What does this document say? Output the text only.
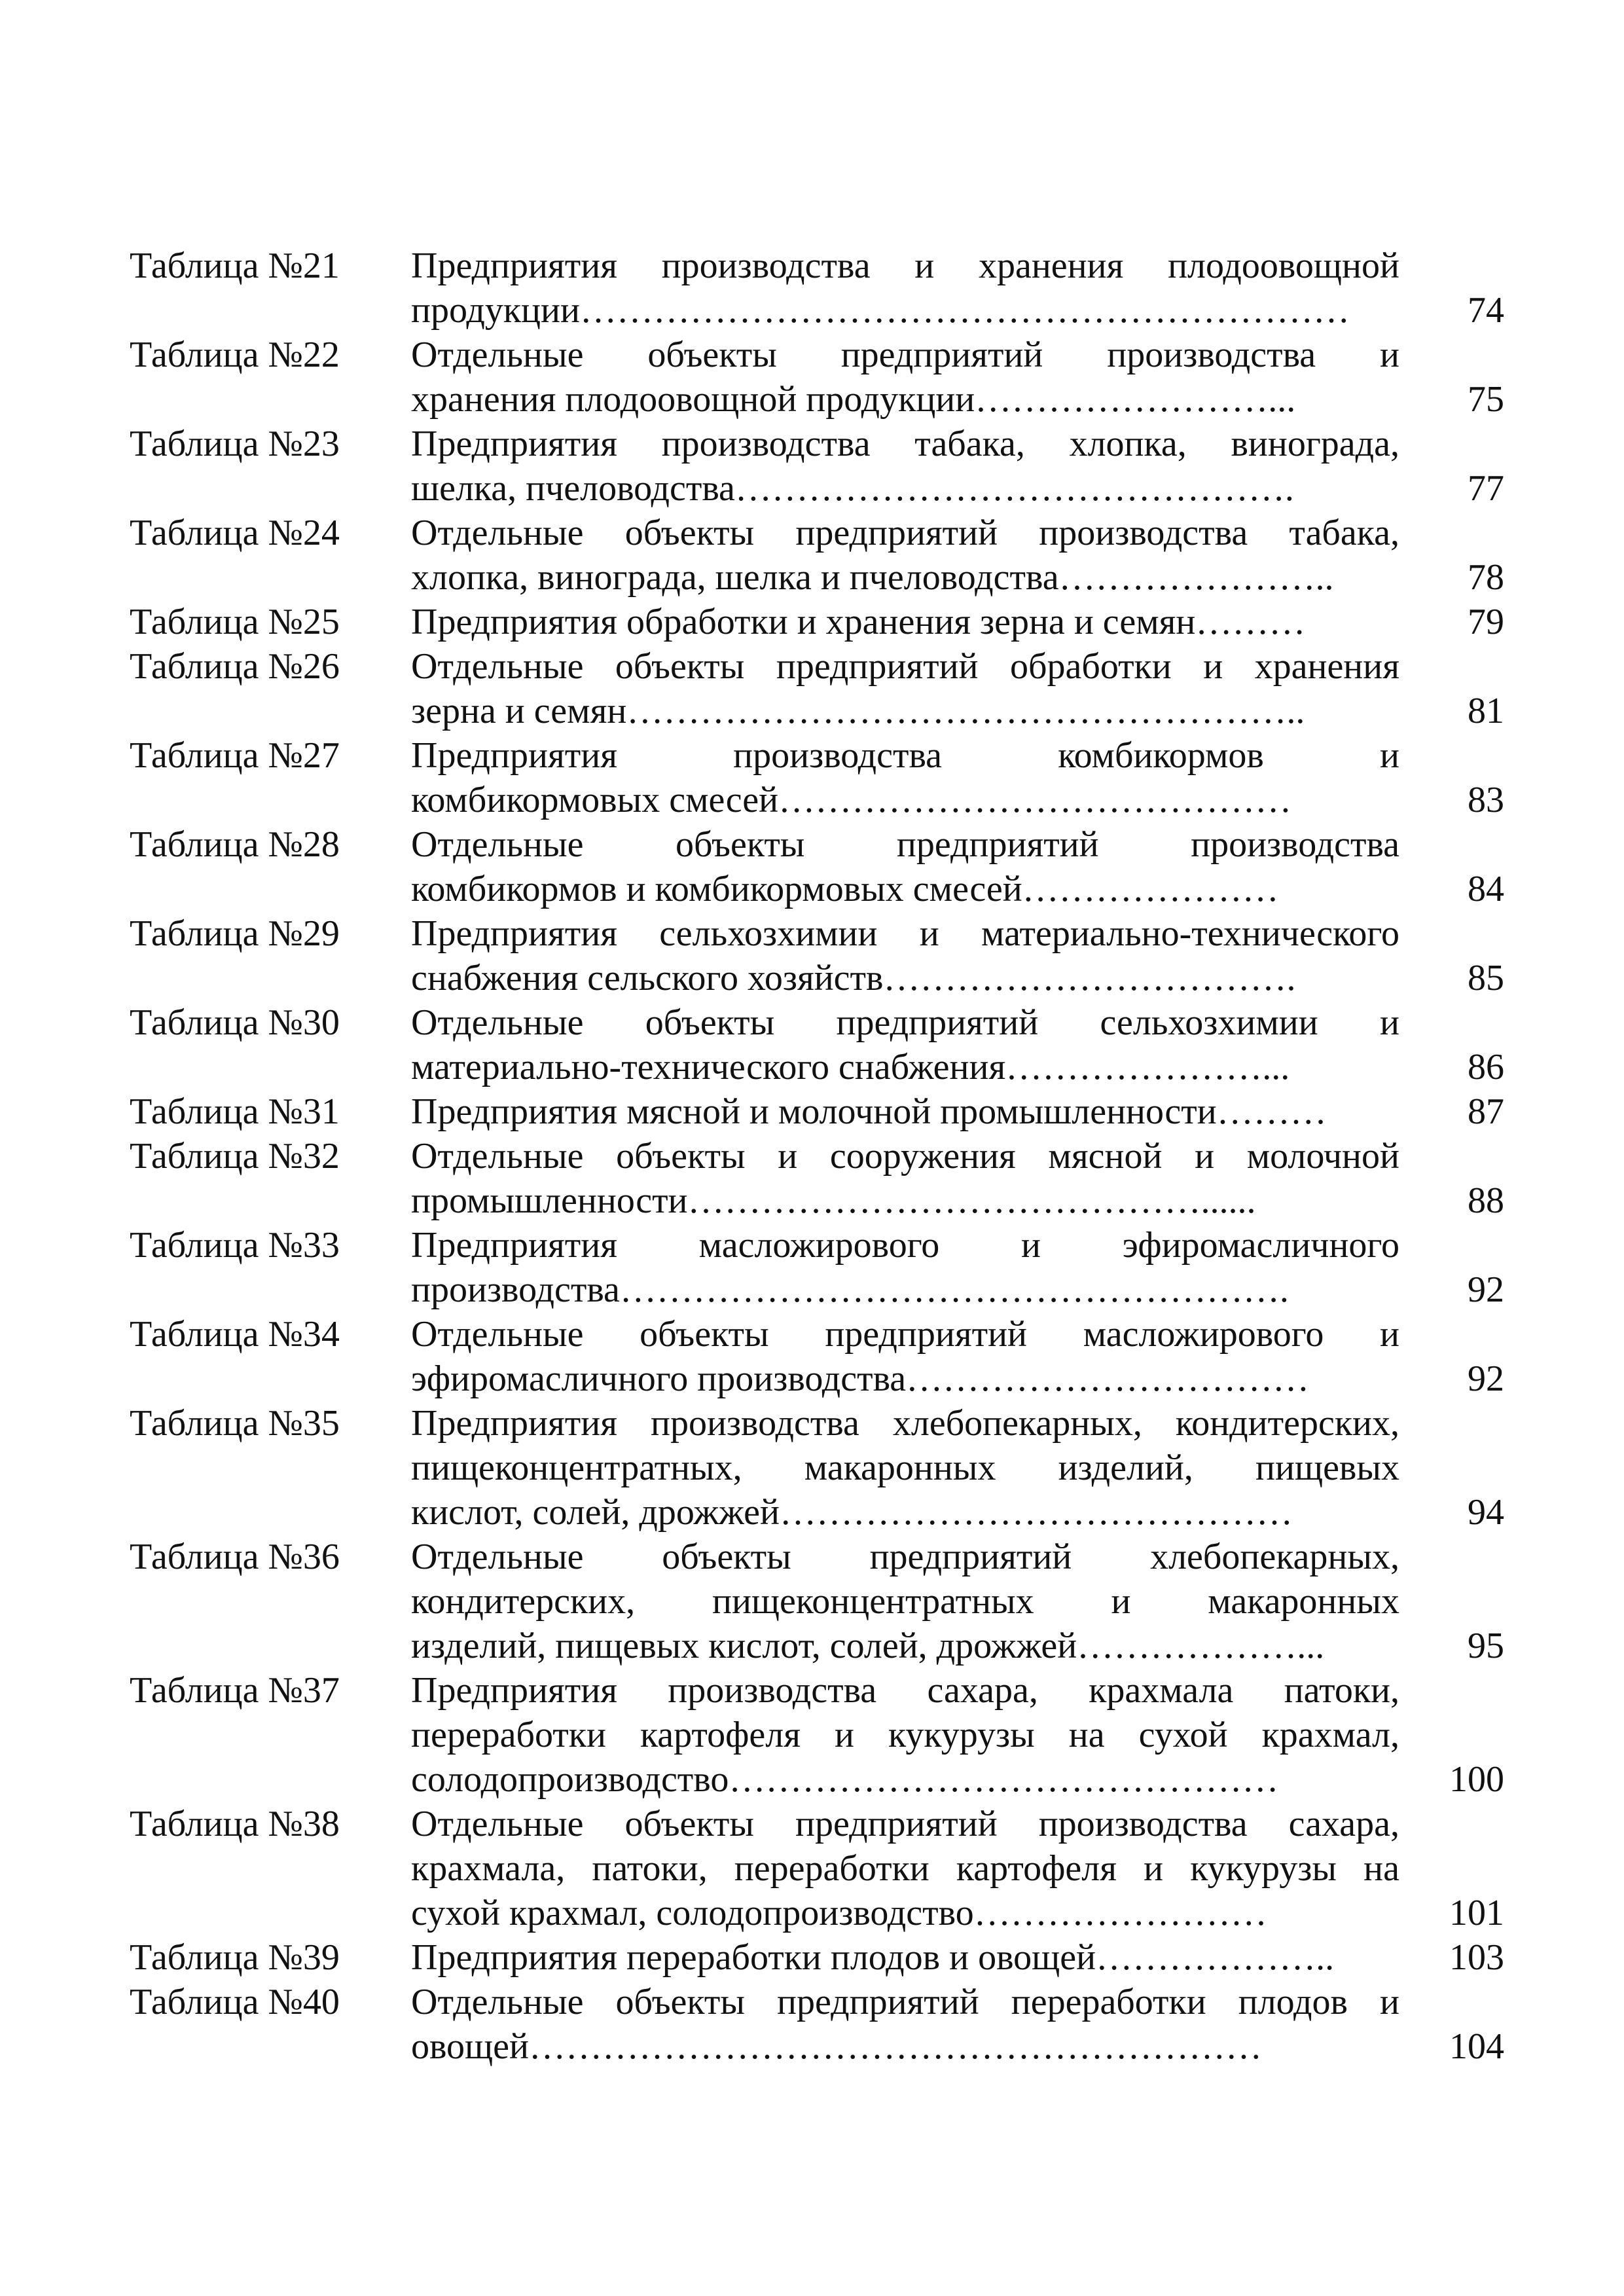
Таблица №21	Предприятия производства и хранения плодоовощной
продукции………………………………………………………	74
Таблица №22	Отдельные объекты предприятий производства и
хранения плодоовощной продукции……………………...	75
Таблица №23	Предприятия производства табака, хлопка, винограда,
шелка, пчеловодства……………………………………….	77
Таблица №24	Отдельные объекты предприятий производства табака,
хлопка, винограда, шелка и пчеловодства…………………..	78
Таблица №25	Предприятия обработки и хранения зерна и семян………	79
Таблица №26	Отдельные объекты предприятий обработки и хранения
зерна и семян………………………………………………..	81
Таблица №27	Предприятия производства комбикормов и
комбикормовых смесей……………………………………	83
Таблица №28	Отдельные объекты предприятий производства
комбикормов и комбикормовых смесей…………………	84
Таблица №29	Предприятия сельхозхимии и материально-технического
снабжения сельского хозяйств…………………………….	85
Таблица №30	Отдельные объекты предприятий сельхозхимии и
материально-технического снабжения…………………...	86
Таблица №31	Предприятия мясной и молочной промышленности………	87
Таблица №32	Отдельные объекты и сооружения мясной и молочной
промышленности……………………………………......	88
Таблица №33	Предприятия масложирового и эфиромасличного
производства……………………………………………….	92
Таблица №34	Отдельные объекты предприятий масложирового и
эфиромасличного производства……………………………	92
Таблица №35	Предприятия производства хлебопекарных, кондитерских,
пищеконцентратных, макаронных изделий, пищевых
кислот, солей, дрожжей……………………………………	94
Таблица №36	Отдельные объекты предприятий хлебопекарных,
кондитерских, пищеконцентратных и макаронных
изделий, пищевых кислот, солей, дрожжей………………...	95
Таблица №37	Предприятия производства сахара, крахмала патоки,
переработки картофеля и кукурузы на сухой крахмал,
солодопроизводство………………………………………	100
Таблица №38	Отдельные объекты предприятий производства сахара,
крахмала, патоки, переработки картофеля и кукурузы на
сухой крахмал, солодопроизводство……………………	101
Таблица №39	Предприятия переработки плодов и овощей………………..	103
Таблица №40	Отдельные объекты предприятий переработки плодов и
овощей……………………………………………………	104
